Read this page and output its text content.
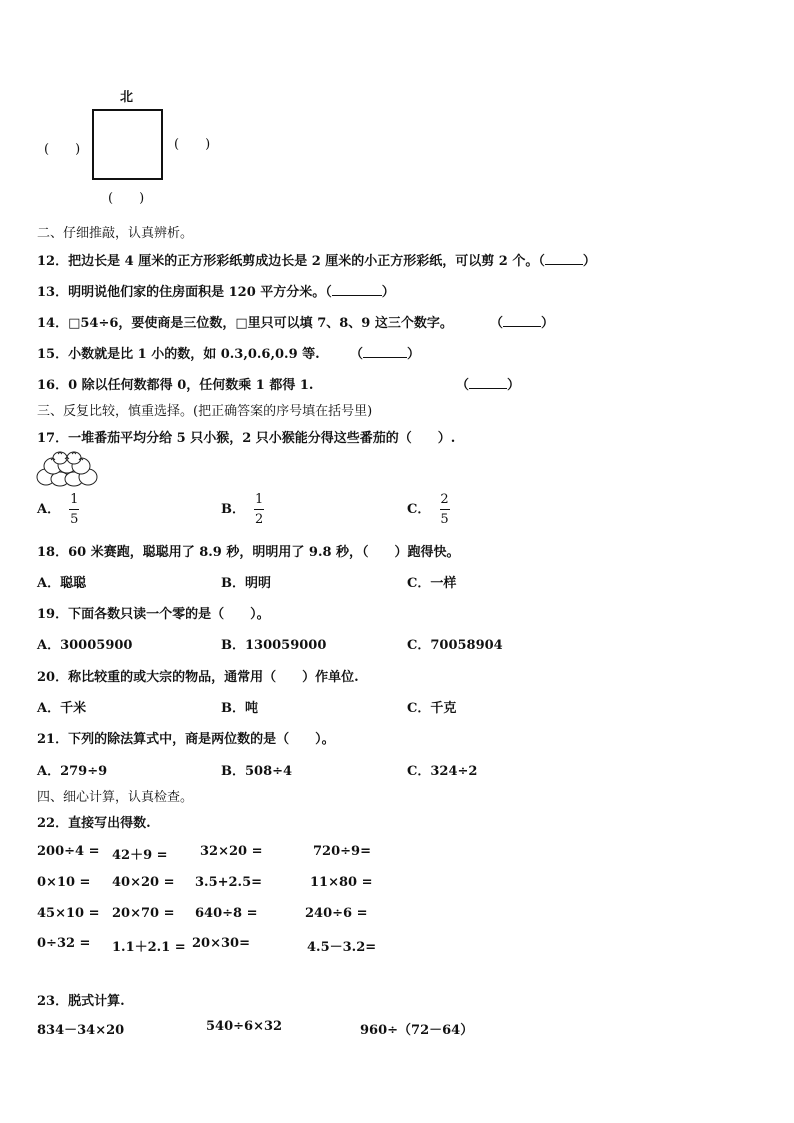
北
(　　)	(　　)
(　　)
二、仔细推敲，认真辨析。
12．把边长是 4 厘米的正方形彩纸剪成边长是 2 厘米的小正方形彩纸，可以剪 2 个。（	）
13．明明说他们家的住房面积是 120 平方分米。（	）
14．□54÷6，要使商是三位数，□里只可以填 7、8、9 这三个数字。	（	）
15．小数就是比 1 小的数，如 0.3,0.6,0.9 等. （	）
16．0 除以任何数都得 0，任何数乘 1 都得 1.	（	）
三、反复比较，慎重选择。(把正确答案的序号填在括号里)
17．一堆番茄平均分给 5 只小猴，2 只小猴能分得这些番茄的（　　）.
A． $\frac{1}{5}$	B． $\frac{1}{2}$	C． $\frac{2}{5}$
18．60 米赛跑，聪聪用了 8.9 秒，明明用了 9.8 秒，（　　）跑得快。
A．聪聪	B．明明	C．一样
19．下面各数只读一个零的是（　　）。
A．30005900	B．130059000	C．70058904
20．称比较重的或大宗的物品，通常用（　　）作单位.
A．千米	B．吨	C．千克
21．下列的除法算式中，商是两位数的是（　　）。
A．279÷9	B．508÷4	C．324÷2
四、细心计算，认真检查。
22．直接写出得数.
200÷4 = 42＋9 = 32×20 =	720÷9=
0×10 = 40×20 = 3.5+2.5=	11×80 =
45×10 = 20×70 = 640÷8 =	240÷6 =
0÷32 = 1.1＋2.1 = 20×30=	4.5－3.2=
23．脱式计算.
834－34×20	540÷6×32	960÷（72－64）
